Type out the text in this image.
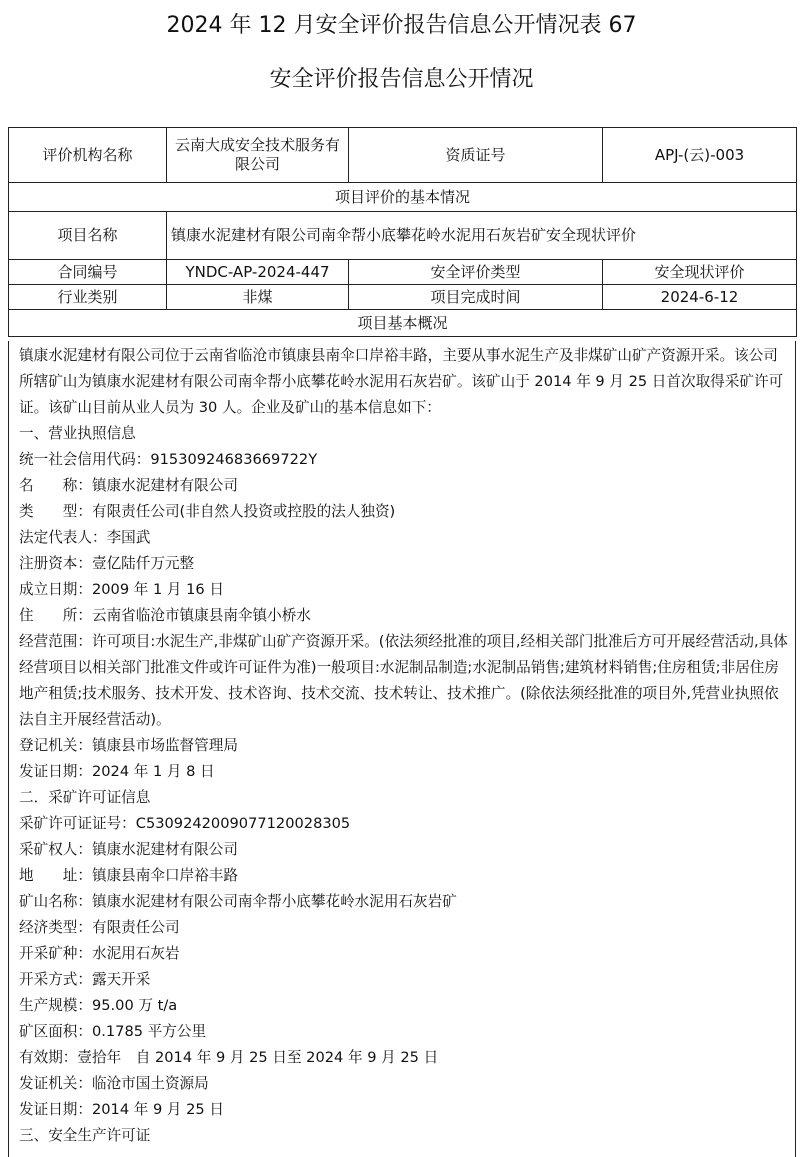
2024 年 12 月安全评价报告信息公开情况表 67
安全评价报告信息公开情况
评价机构名称	云南大成安全技术服务有限公司	资质证号	APJ-(云)-003
项目评价的基本情况			
项目名称	镇康水泥建材有限公司南伞帮小底攀花岭水泥用石灰岩矿安全现状评价		
合同编号	YNDC-AP-2024-447	安全评价类型	安全现状评价
行业类别	非煤	项目完成时间	2024-6-12
项目基本概况			
镇康水泥建材有限公司位于云南省临沧市镇康县南伞口岸裕丰路，主要从事水泥生产及非煤矿山矿产资源开采。该公司所辖矿山为镇康水泥建材有限公司南伞帮小底攀花岭水泥用石灰岩矿。该矿山于 2014 年 9 月 25 日首次取得采矿许可证。该矿山目前从业人员为 30 人。企业及矿山的基本信息如下：
一、营业执照信息
统一社会信用代码：91530924683669722Y
名　　称：镇康水泥建材有限公司
类　　型：有限责任公司(非自然人投资或控股的法人独资)
法定代表人：李国武
注册资本：壹亿陆仟万元整
成立日期：2009 年 1 月 16 日
住　　所：云南省临沧市镇康县南伞镇小桥水
经营范围：许可项目:水泥生产,非煤矿山矿产资源开采。(依法须经批准的项目,经相关部门批准后方可开展经营活动,具体经营项目以相关部门批准文件或许可证件为准)一般项目:水泥制品制造;水泥制品销售;建筑材料销售;住房租赁;非居住房地产租赁;技术服务、技术开发、技术咨询、技术交流、技术转让、技术推广。(除依法须经批准的项目外,凭营业执照依法自主开展经营活动)。
登记机关：镇康县市场监督管理局
发证日期：2024 年 1 月 8 日
二．采矿许可证信息
采矿许可证证号：C5309242009077120028305
采矿权人：镇康水泥建材有限公司
地　　址：镇康县南伞口岸裕丰路
矿山名称：镇康水泥建材有限公司南伞帮小底攀花岭水泥用石灰岩矿
经济类型：有限责任公司
开采矿种：水泥用石灰岩
开采方式：露天开采
生产规模：95.00 万 t/a
矿区面积：0.1785 平方公里
有效期：壹拾年　自 2014 年 9 月 25 日至 2024 年 9 月 25 日
发证机关：临沧市国土资源局
发证日期：2014 年 9 月 25 日
三、安全生产许可证
